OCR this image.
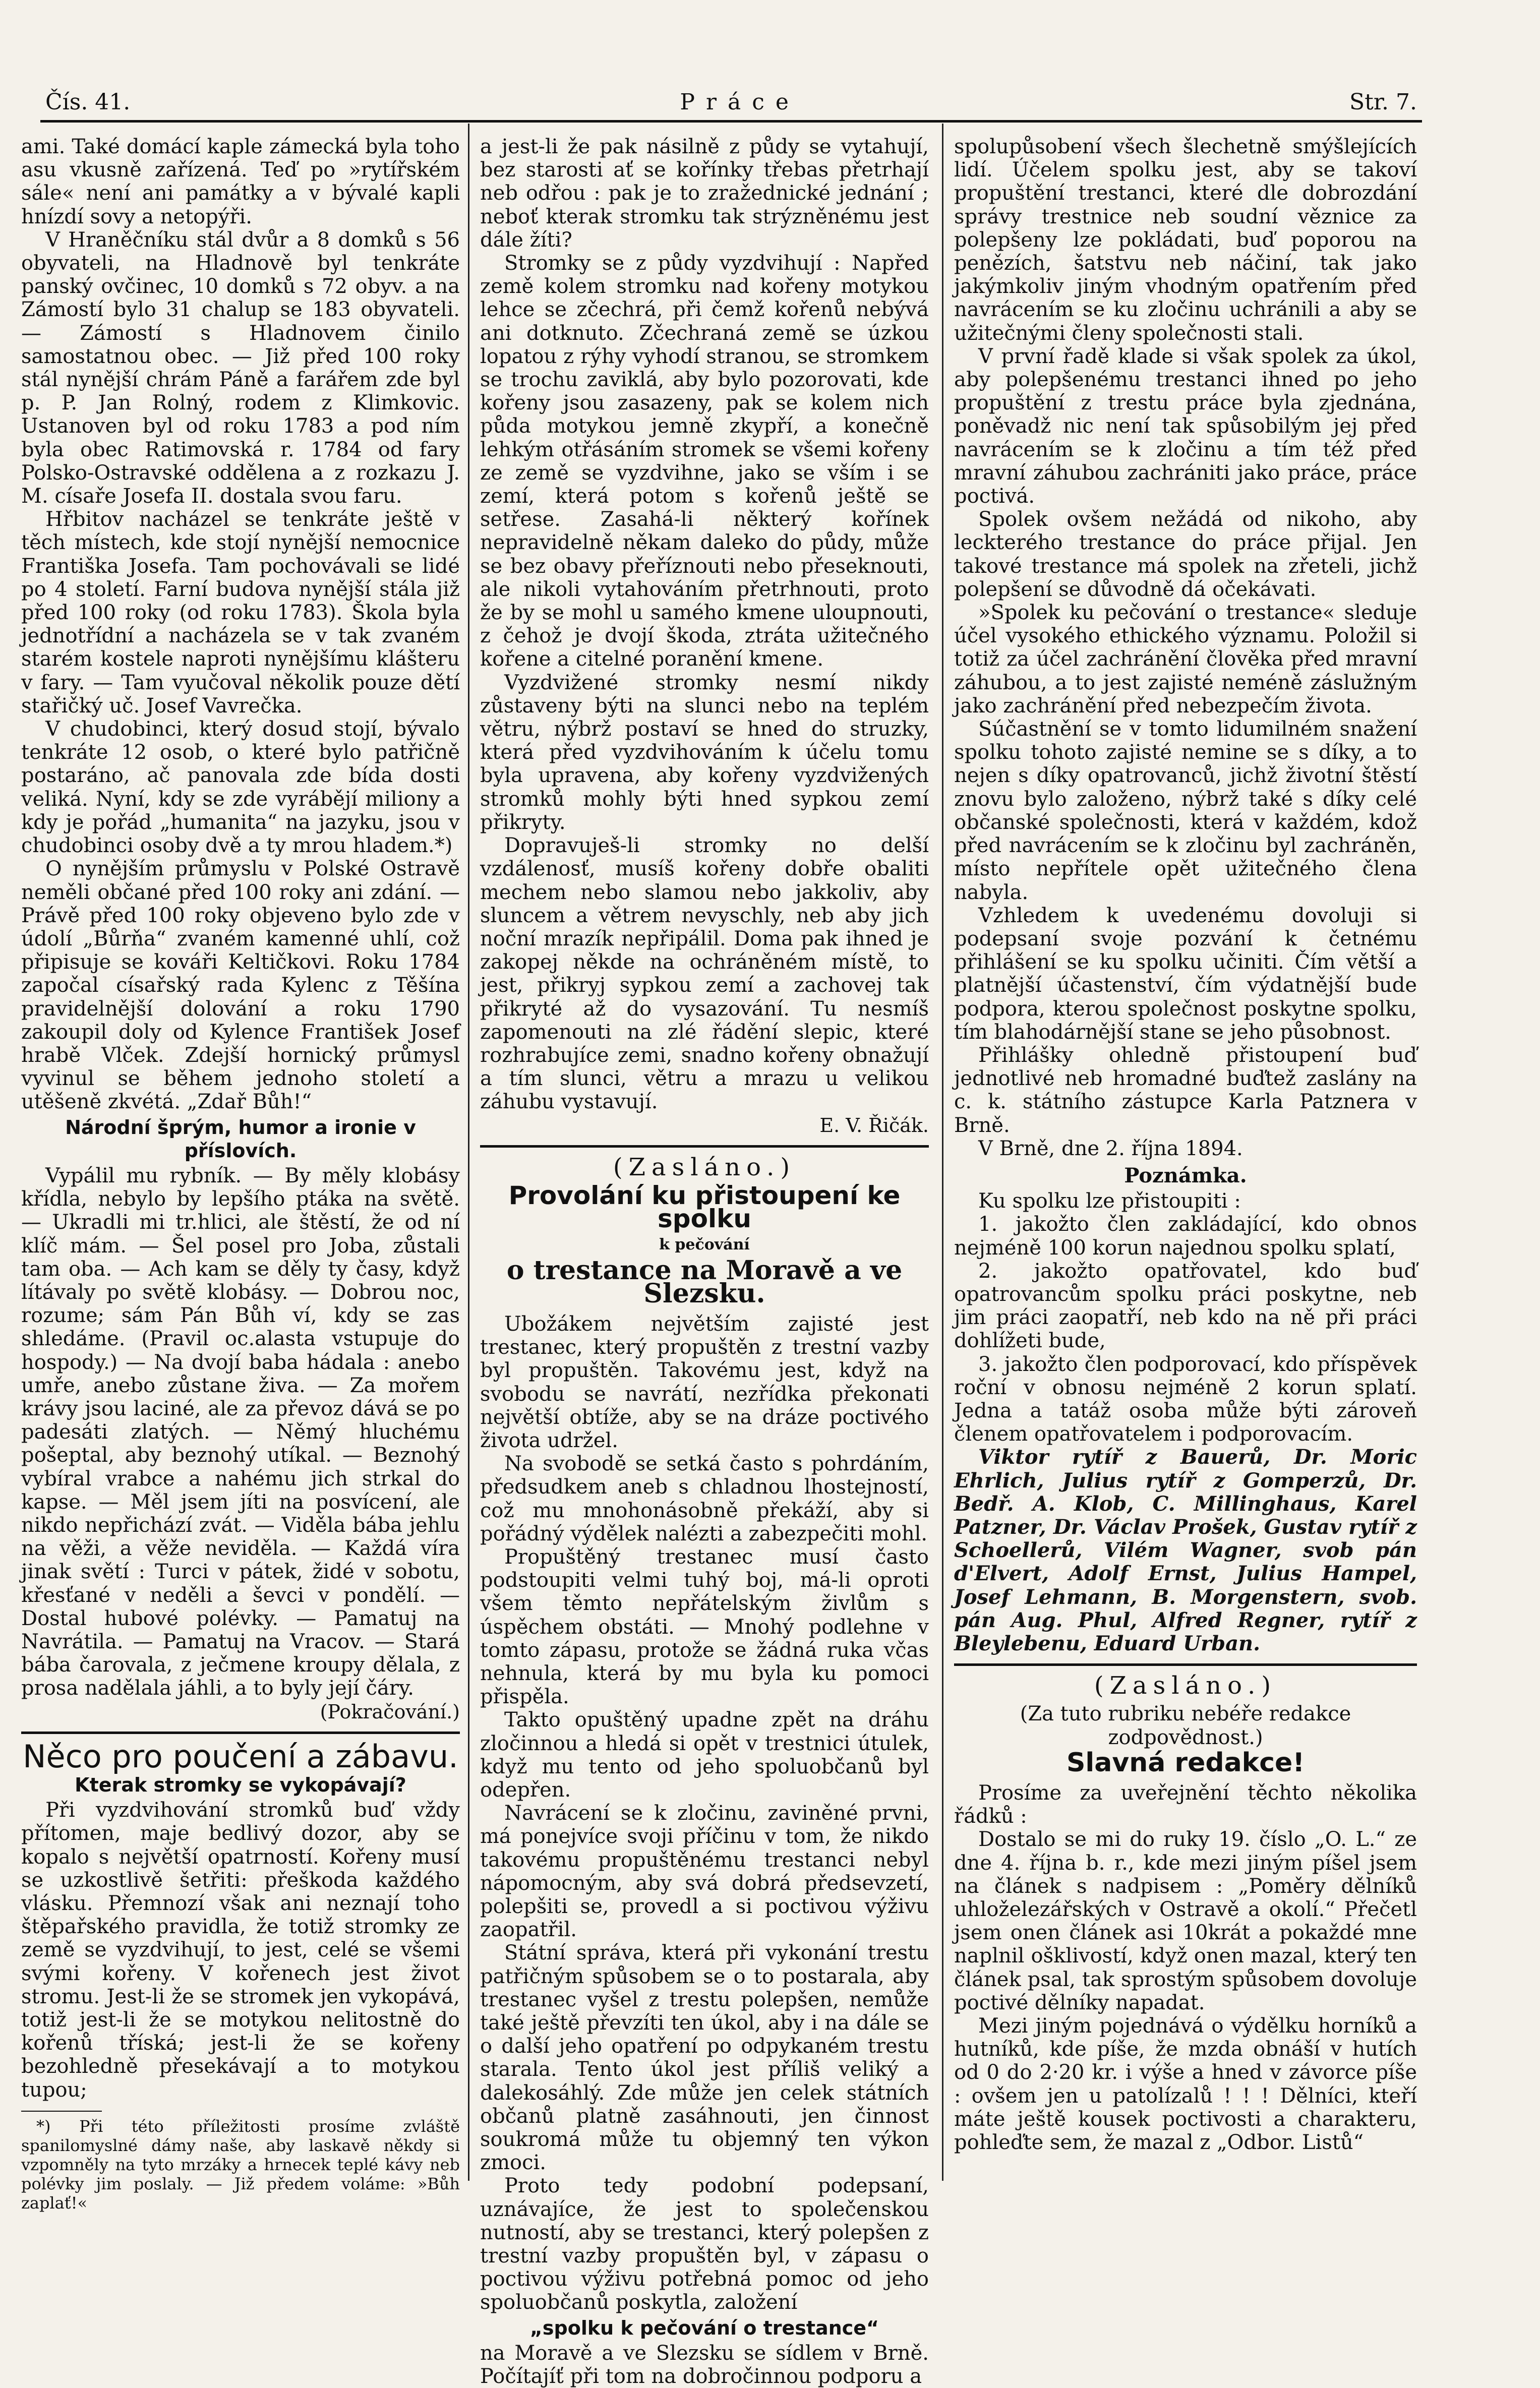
Čís. 41.	Práce	Str. 7.

ami. Také domácí kaple zámecká byla toho asu vkusně zařízená. Teď po »rytířském sále« není ani památky a v bývalé kapli hnízdí sovy a netopýři.

V Hraněčníku stál dvůr a 8 domků s 56 obyvateli, na Hladnově byl tenkráte panský ovčinec, 10 domků s 72 obyv. a na Zámostí bylo 31 chalup se 183 obyvateli. — Zámostí s Hladnovem činilo samostatnou obec. — Již před 100 roky stál nynější chrám Páně a farářem zde byl p. P. Jan Rolný, rodem z Klimkovic. Ustanoven byl od roku 1783 a pod ním byla obec Ratimovská r. 1784 od fary Polsko-Ostravské oddělena a z rozkazu J. M. císaře Josefa II. dostala svou faru.

Hřbitov nacházel se tenkráte ještě v těch místech, kde stojí nynější nemocnice Františka Josefa. Tam pochovávali se lidé po 4 století. Farní budova nynější stála již před 100 roky (od roku 1783). Škola byla jednotřídní a nacházela se v tak zvaném starém kostele naproti nynějšímu klášteru v fary. — Tam vyučoval několik pouze dětí stařičký uč. Josef Vavrečka.

V chudobinci, který dosud stojí, bývalo tenkráte 12 osob, o které bylo patřičně postaráno, ač panovala zde bída dosti veliká. Nyní, kdy se zde vyrábějí miliony a kdy je pořád „humanita“ na jazyku, jsou v chudobinci osoby dvě a ty mrou hladem.*)

O nynějším průmyslu v Polské Ostravě neměli občané před 100 roky ani zdání. — Právě před 100 roky objeveno bylo zde v údolí „Bůrňa“ zvaném kamenné uhlí, což připisuje se kováři Keltičkovi. Roku 1784 započal císařský rada Kylenc z Těšína pravidelnější dolování a roku 1790 zakoupil doly od Kylence František Josef hrabě Vlček. Zdejší hornický průmysl vyvinul se během jednoho století a utěšeně zkvétá. „Zdař Bůh!“

Národní šprým, humor a ironie v příslovích.

Vypálil mu rybník. — By měly klobásy křídla, nebylo by lepšího ptáka na světě. — Ukradli mi tr.hlici, ale štěstí, že od ní klíč mám. — Šel posel pro Joba, zůstali tam oba. — Ach kam se děly ty časy, když lítávaly po světě klobásy. — Dobrou noc, rozume; sám Pán Bůh ví, kdy se zas shledáme. (Pravil oc.alasta vstupuje do hospody.) — Na dvojí baba hádala : anebo umře, anebo zůstane živa. — Za mořem krávy jsou laciné, ale za převoz dává se po padesáti zlatých. — Němý hluchému pošeptal, aby beznohý utíkal. — Beznohý vybíral vrabce a nahému jich strkal do kapse. — Měl jsem jíti na posvícení, ale nikdo nepřichází zvát. — Viděla bába jehlu na věži, a věže neviděla. — Každá víra jinak světí : Turci v pátek, židé v sobotu, křesťané v neděli a ševci v pondělí. — Dostal hubové polévky. — Pamatuj na Navrátila. — Pamatuj na Vracov. — Stará bába čarovala, z ječmene kroupy dělala, z prosa nadělala jáhli, a to byly její čáry.

(Pokračování.)

Něco pro poučení a zábavu.

Kterak stromky se vykopávají?

Při vyzdvihování stromků buď vždy přítomen, maje bedlivý dozor, aby se kopalo s největší opatrností. Kořeny musí se uzkostlivě šetřiti: přeškoda každého vlásku. Přemnozí však ani neznají toho štěpařského pravidla, že totiž stromky ze země se vyzdvihují, to jest, celé se všemi svými kořeny. V kořenech jest život stromu. Jest-li že se stromek jen vykopává, totiž jest-li že se motykou nelitostně do kořenů tříská; jest-li že se kořeny bezohledně přesekávají a to motykou tupou;

*) Při této příležitosti prosíme zvláště spanilomyslné dámy naše, aby laskavě někdy si vzpomněly na tyto mrzáky a hrnecek teplé kávy neb polévky jim poslaly. — Již předem voláme: »Bůh zaplať!«

a jest-li že pak násilně z půdy se vytahují, bez starosti ať se kořínky třebas přetrhají neb odřou : pak je to zražednické jednání ; neboť kterak stromku tak strýzněnému jest dále žíti?

Stromky se z půdy vyzdvihují : Napřed země kolem stromku nad kořeny motykou lehce se zčechrá, při čemž kořenů nebývá ani dotknuto. Zčechraná země se úzkou lopatou z rýhy vyhodí stranou, se stromkem se trochu zaviklá, aby bylo pozorovati, kde kořeny jsou zasazeny, pak se kolem nich půda motykou jemně zkypří, a konečně lehkým otřásáním stromek se všemi kořeny ze země se vyzdvihne, jako se vším i se zemí, která potom s kořenů ještě se setřese. Zasahá-li některý kořínek nepravidelně někam daleko do půdy, může se bez obavy přeříznouti nebo přeseknouti, ale nikoli vytahováním přetrhnouti, proto že by se mohl u samého kmene uloupnouti, z čehož je dvojí škoda, ztráta užitečného kořene a citelné poranění kmene.

Vyzdvižené stromky nesmí nikdy zůstaveny býti na slunci nebo na teplém větru, nýbrž postaví se hned do struzky, která před vyzdvihováním k účelu tomu byla upravena, aby kořeny vyzdvižených stromků mohly býti hned sypkou zemí přikryty.

Dopravuješ-li stromky no delší vzdálenosť, musíš kořeny dobře obaliti mechem nebo slamou nebo jakkoliv, aby sluncem a větrem nevyschly, neb aby jich noční mrazík nepřipálil. Doma pak ihned je zakopej někde na ochráněném místě, to jest, přikryj sypkou zemí a zachovej tak přikryté až do vysazování. Tu nesmíš zapomenouti na zlé řádění slepic, které rozhrabujíce zemi, snadno kořeny obnažují a tím slunci, větru a mrazu u velikou záhubu vystavují.

E. V. Řičák.

(Zasláno.)
Provolání ku přistoupení ke spolku
k pečování
o trestance na Moravě a ve Slezsku.

Ubožákem největším zajisté jest trestanec, který propuštěn z trestní vazby byl propuštěn. Takovému jest, když na svobodu se navrátí, nezřídka překonati největší obtíže, aby se na dráze poctivého života udržel.

Na svobodě se setká často s pohrdáním, předsudkem aneb s chladnou lhostejností, což mu mnohonásobně překáží, aby si pořádný výdělek nalézti a zabezpečiti mohl.

Propuštěný trestanec musí často podstoupiti velmi tuhý boj, má-li oproti všem těmto nepřátelským živlům s úspěchem obstáti. — Mnohý podlehne v tomto zápasu, protože se žádná ruka včas nehnula, která by mu byla ku pomoci přispěla.

Takto opuštěný upadne zpět na dráhu zločinnou a hledá si opět v trestnici útulek, když mu tento od jeho spoluobčanů byl odepřen.

Navrácení se k zločinu, zaviněné prvni, má ponejvíce svoji příčinu v tom, že nikdo takovému propuštěnému trestanci nebyl nápomocným, aby svá dobrá předsevzetí, polepšiti se, provedl a si poctivou výživu zaopatřil.

Státní správa, která při vykonání trestu patřičným spůsobem se o to postarala, aby trestanec vyšel z trestu polepšen, nemůže také ještě převzíti ten úkol, aby i na dále se o další jeho opatření po odpykaném trestu starala. Tento úkol jest příliš veliký a dalekosáhlý. Zde může jen celek státních občanů platně zasáhnouti, jen činnost soukromá může tu objemný ten výkon zmoci.

Proto tedy podobní podepsaní, uznávajíce, že jest to společenskou nutností, aby se trestanci, který polepšen z trestní vazby propuštěn byl, v zápasu o poctivou výživu potřebná pomoc od jeho spoluobčanů poskytla, založení

„spolku k pečování o trestance“

na Moravě a ve Slezsku se sídlem v Brně. Počítajíť při tom na dobročinnou podporu a

spolupůsobení všech šlechetně smýšlejících lidí. Účelem spolku jest, aby se takoví propuštění trestanci, které dle dobrozdání správy trestnice neb soudní věznice za polepšeny lze pokládati, buď poporou na penězích, šatstvu neb náčiní, tak jako jakýmkoliv jiným vhodným opatřením před navrácením se ku zločinu uchránili a aby se užitečnými členy společnosti stali.

V první řadě klade si však spolek za úkol, aby polepšenému trestanci ihned po jeho propuštění z trestu práce byla zjednána, poněvadž nic není tak spůsobilým jej před navrácením se k zločinu a tím též před mravní záhubou zachrániti jako práce, práce poctivá.

Spolek ovšem nežádá od nikoho, aby leckterého trestance do práce přijal. Jen takové trestance má spolek na zřeteli, jichž polepšení se důvodně dá očekávati.

»Spolek ku pečování o trestance« sleduje účel vysokého ethického významu. Položil si totiž za účel zachránění člověka před mravní záhubou, a to jest zajisté neméně záslužným jako zachránění před nebezpečím života.

Súčastnění se v tomto lidumilném snažení spolku tohoto zajisté nemine se s díky, a to nejen s díky opatrovanců, jichž životní štěstí znovu bylo založeno, nýbrž také s díky celé občanské společnosti, která v každém, kdož před navrácením se k zločinu byl zachráněn, místo nepřítele opět užitečného člena nabyla.

Vzhledem k uvedenému dovoluji si podepsaní svoje pozvání k četnému přihlášení se ku spolku učiniti. Čím větší a platnější účastenství, čím výdatnější bude podpora, kterou společnost poskytne spolku, tím blahodárnější stane se jeho působnost.

Přihlášky ohledně přistoupení buď jednotlivé neb hromadné buďtež zaslány na c. k. státního zástupce Karla Patznera v Brně.

V Brně, dne 2. října 1894.

Poznámka.

Ku spolku lze přistoupiti :

1. jakožto člen zakládající, kdo obnos nejméně 100 korun najednou spolku splatí,

2. jakožto opatřovatel, kdo buď opatrovancům spolku práci poskytne, neb jim práci zaopatří, neb kdo na ně při práci dohlížeti bude,

3. jakožto člen podporovací, kdo příspěvek roční v obnosu nejméně 2 korun splatí. Jedna a tatáž osoba může býti zároveň členem opatřovatelem i podporovacím.

Viktor rytíř z Bauerů, Dr. Moric Ehrlich, Julius rytíř z Gomperzů, Dr. Bedř. A. Klob, C. Millinghaus, Karel Patzner, Dr. Václav Prošek, Gustav rytíř z Schoellerů, Vilém Wagner, svob pán d'Elvert, Adolf Ernst, Julius Hampel, Josef Lehmann, B. Morgenstern, svob. pán Aug. Phul, Alfred Regner, rytíř z Bleylebenu, Eduard Urban.

(Zasláno.)

(Za tuto rubriku nebéře redakce zodpovědnost.)

Slavná redakce!

Prosíme za uveřejnění těchto několika řádků :

Dostalo se mi do ruky 19. číslo „O. L.“ ze dne 4. října b. r., kde mezi jiným píšel jsem na článek s nadpisem : „Poměry dělníků uhloželezářských v Ostravě a okolí.“ Přečetl jsem onen článek asi 10krát a pokaždé mne naplnil ošklivostí, když onen mazal, který ten článek psal, tak sprostým spůsobem dovoluje poctivé dělníky napadat.

Mezi jiným pojednává o výdělku horníků a hutníků, kde píše, že mzda obnáší v hutích od 0 do 2·20 kr. i výše a hned v závorce píše : ovšem jen u patolízalů ! ! ! Dělníci, kteří máte ještě kousek poctivosti a charakteru, pohleďte sem, že mazal z „Odbor. Listů“
